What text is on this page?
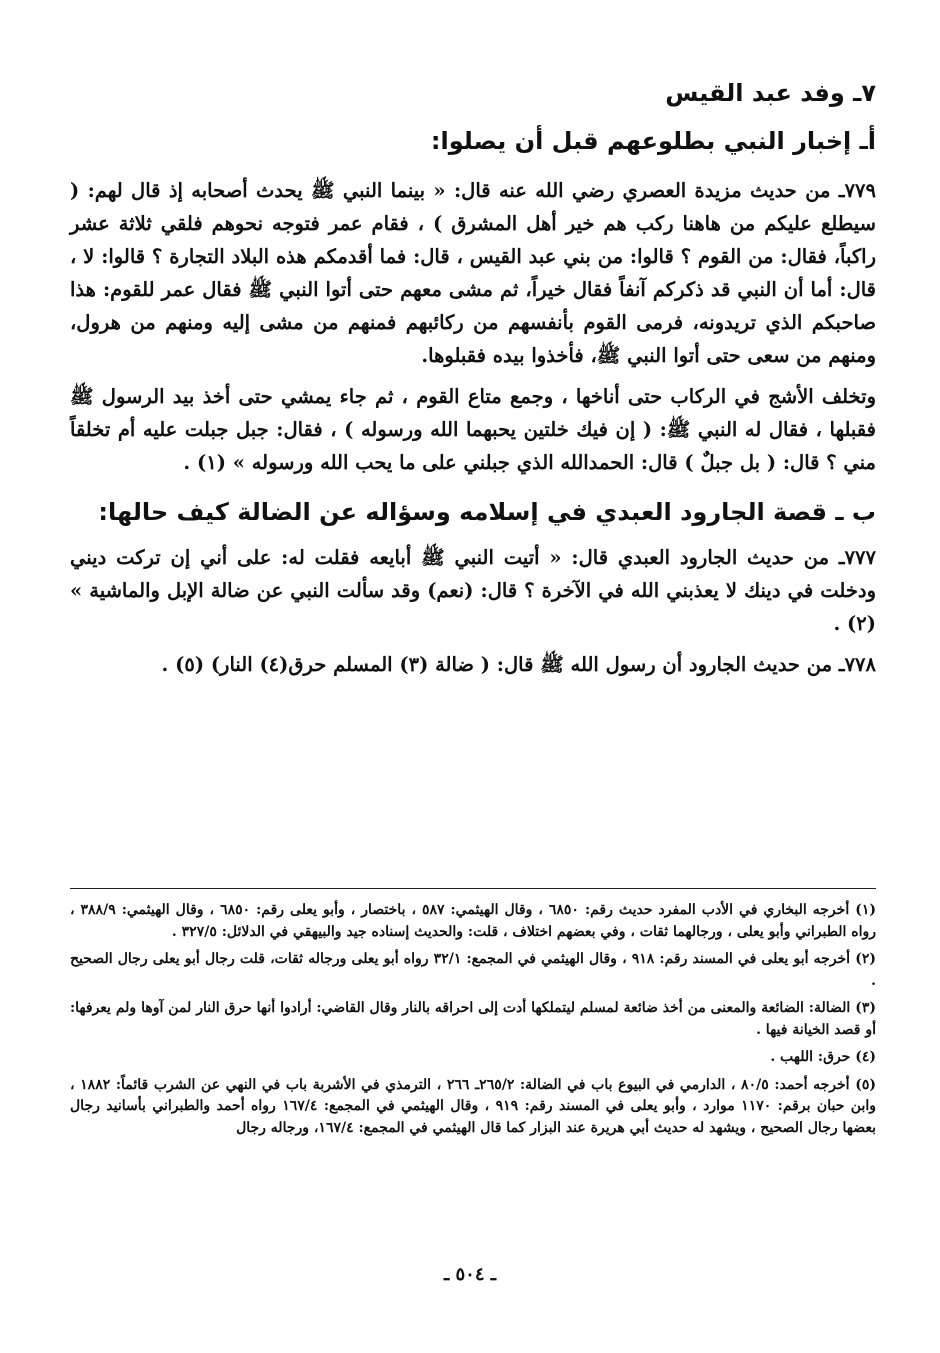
٧ـ وفد عبد القيس
أـ إخبار النبي بطلوعهم قبل أن يصلوا:

٧٧٩ـ من حديث مزيدة العصري رضي الله عنه قال: « بينما النبي ﷺ يحدث أصحابه إذ قال لهم: ( سيطلع عليكم من هاهنا ركب هم خير أهل المشرق ) ، فقام عمر فتوجه نحوهم فلقي ثلاثة عشر راكباً، فقال: من القوم ؟ قالوا: من بني عبد القيس ، قال: فما أقدمكم هذه البلاد التجارة ؟ قالوا: لا ، قال: أما أن النبي قد ذكركم آنفاً فقال خيراً، ثم مشى معهم حتى أتوا النبي ﷺ فقال عمر للقوم: هذا صاحبكم الذي تريدونه، فرمى القوم بأنفسهم من ركائبهم فمنهم من مشى إليه ومنهم من هرول، ومنهم من سعى حتى أتوا النبي ﷺ، فأخذوا بيده فقبلوها.

وتخلف الأشج في الركاب حتى أناخها ، وجمع متاع القوم ، ثم جاء يمشي حتى أخذ بيد الرسول ﷺ فقبلها ، فقال له النبي ﷺ: ( إن فيك خلتين يحبهما الله ورسوله ) ، فقال: جبل جبلت عليه أم تخلقاً مني ؟ قال: ( بل جبلٌ ) قال: الحمدالله الذي جبلني على ما يحب الله ورسوله » (١) .

ب ـ قصة الجارود العبدي في إسلامه وسؤاله عن الضالة كيف حالها:

٧٧٧ـ من حديث الجارود العبدي قال: « أتيت النبي ﷺ أبايعه فقلت له: على أني إن تركت ديني ودخلت في دينك لا يعذبني الله في الآخرة ؟ قال: (نعم) وقد سألت النبي عن ضالة الإبل والماشية » (٢) .

٧٧٨ـ من حديث الجارود أن رسول الله ﷺ قال: ( ضالة (٣) المسلم حرق(٤) النار) (٥) .

(١) أخرجه البخاري في الأدب المفرد حديث رقم: ٦٨٥٠ ، وقال الهيثمي: ٥٨٧ ، باختصار ، وأبو يعلى رقم: ٦٨٥٠ ، وقال الهيثمي: ٣٨٨/٩ ، رواه الطبراني وأبو يعلى ، ورجالهما ثقات ، وفي بعضهم اختلاف ، قلت: والحديث إسناده جيد والبيهقي في الدلائل: ٣٢٧/٥ .

(٢) أخرجه أبو يعلى في المسند رقم: ٩١٨ ، وقال الهيثمي في المجمع: ٣٢/١ رواه أبو يعلى ورجاله ثقات، قلت رجال أبو يعلى رجال الصحيح .

(٣) الضالة: الضائعة والمعنى من أخذ ضائعة لمسلم ليتملكها أدت إلى احراقه بالنار وقال القاضي: أرادوا أنها حرق النار لمن آوها ولم يعرفها: أو قصد الخيانة فيها .

(٤) حرق: اللهب .

(٥) أخرجه أحمد: ٨٠/٥ ، الدارمي في البيوع باب في الضالة: ٢٦٥/٢ـ ٢٦٦ ، الترمذي في الأشربة باب في النهي عن الشرب قائماً: ١٨٨٢ ، وابن حبان برقم: ١١٧٠ موارد ، وأبو يعلى في المسند رقم: ٩١٩ ، وقال الهيثمي في المجمع: ١٦٧/٤ رواه أحمد والطبراني بأسانيد رجال بعضها رجال الصحيح ، ويشهد له حديث أبي هريرة عند البزار كما قال الهيثمي في المجمع: ١٦٧/٤، ورجاله رجال

ـ ٥٠٤ ـ
